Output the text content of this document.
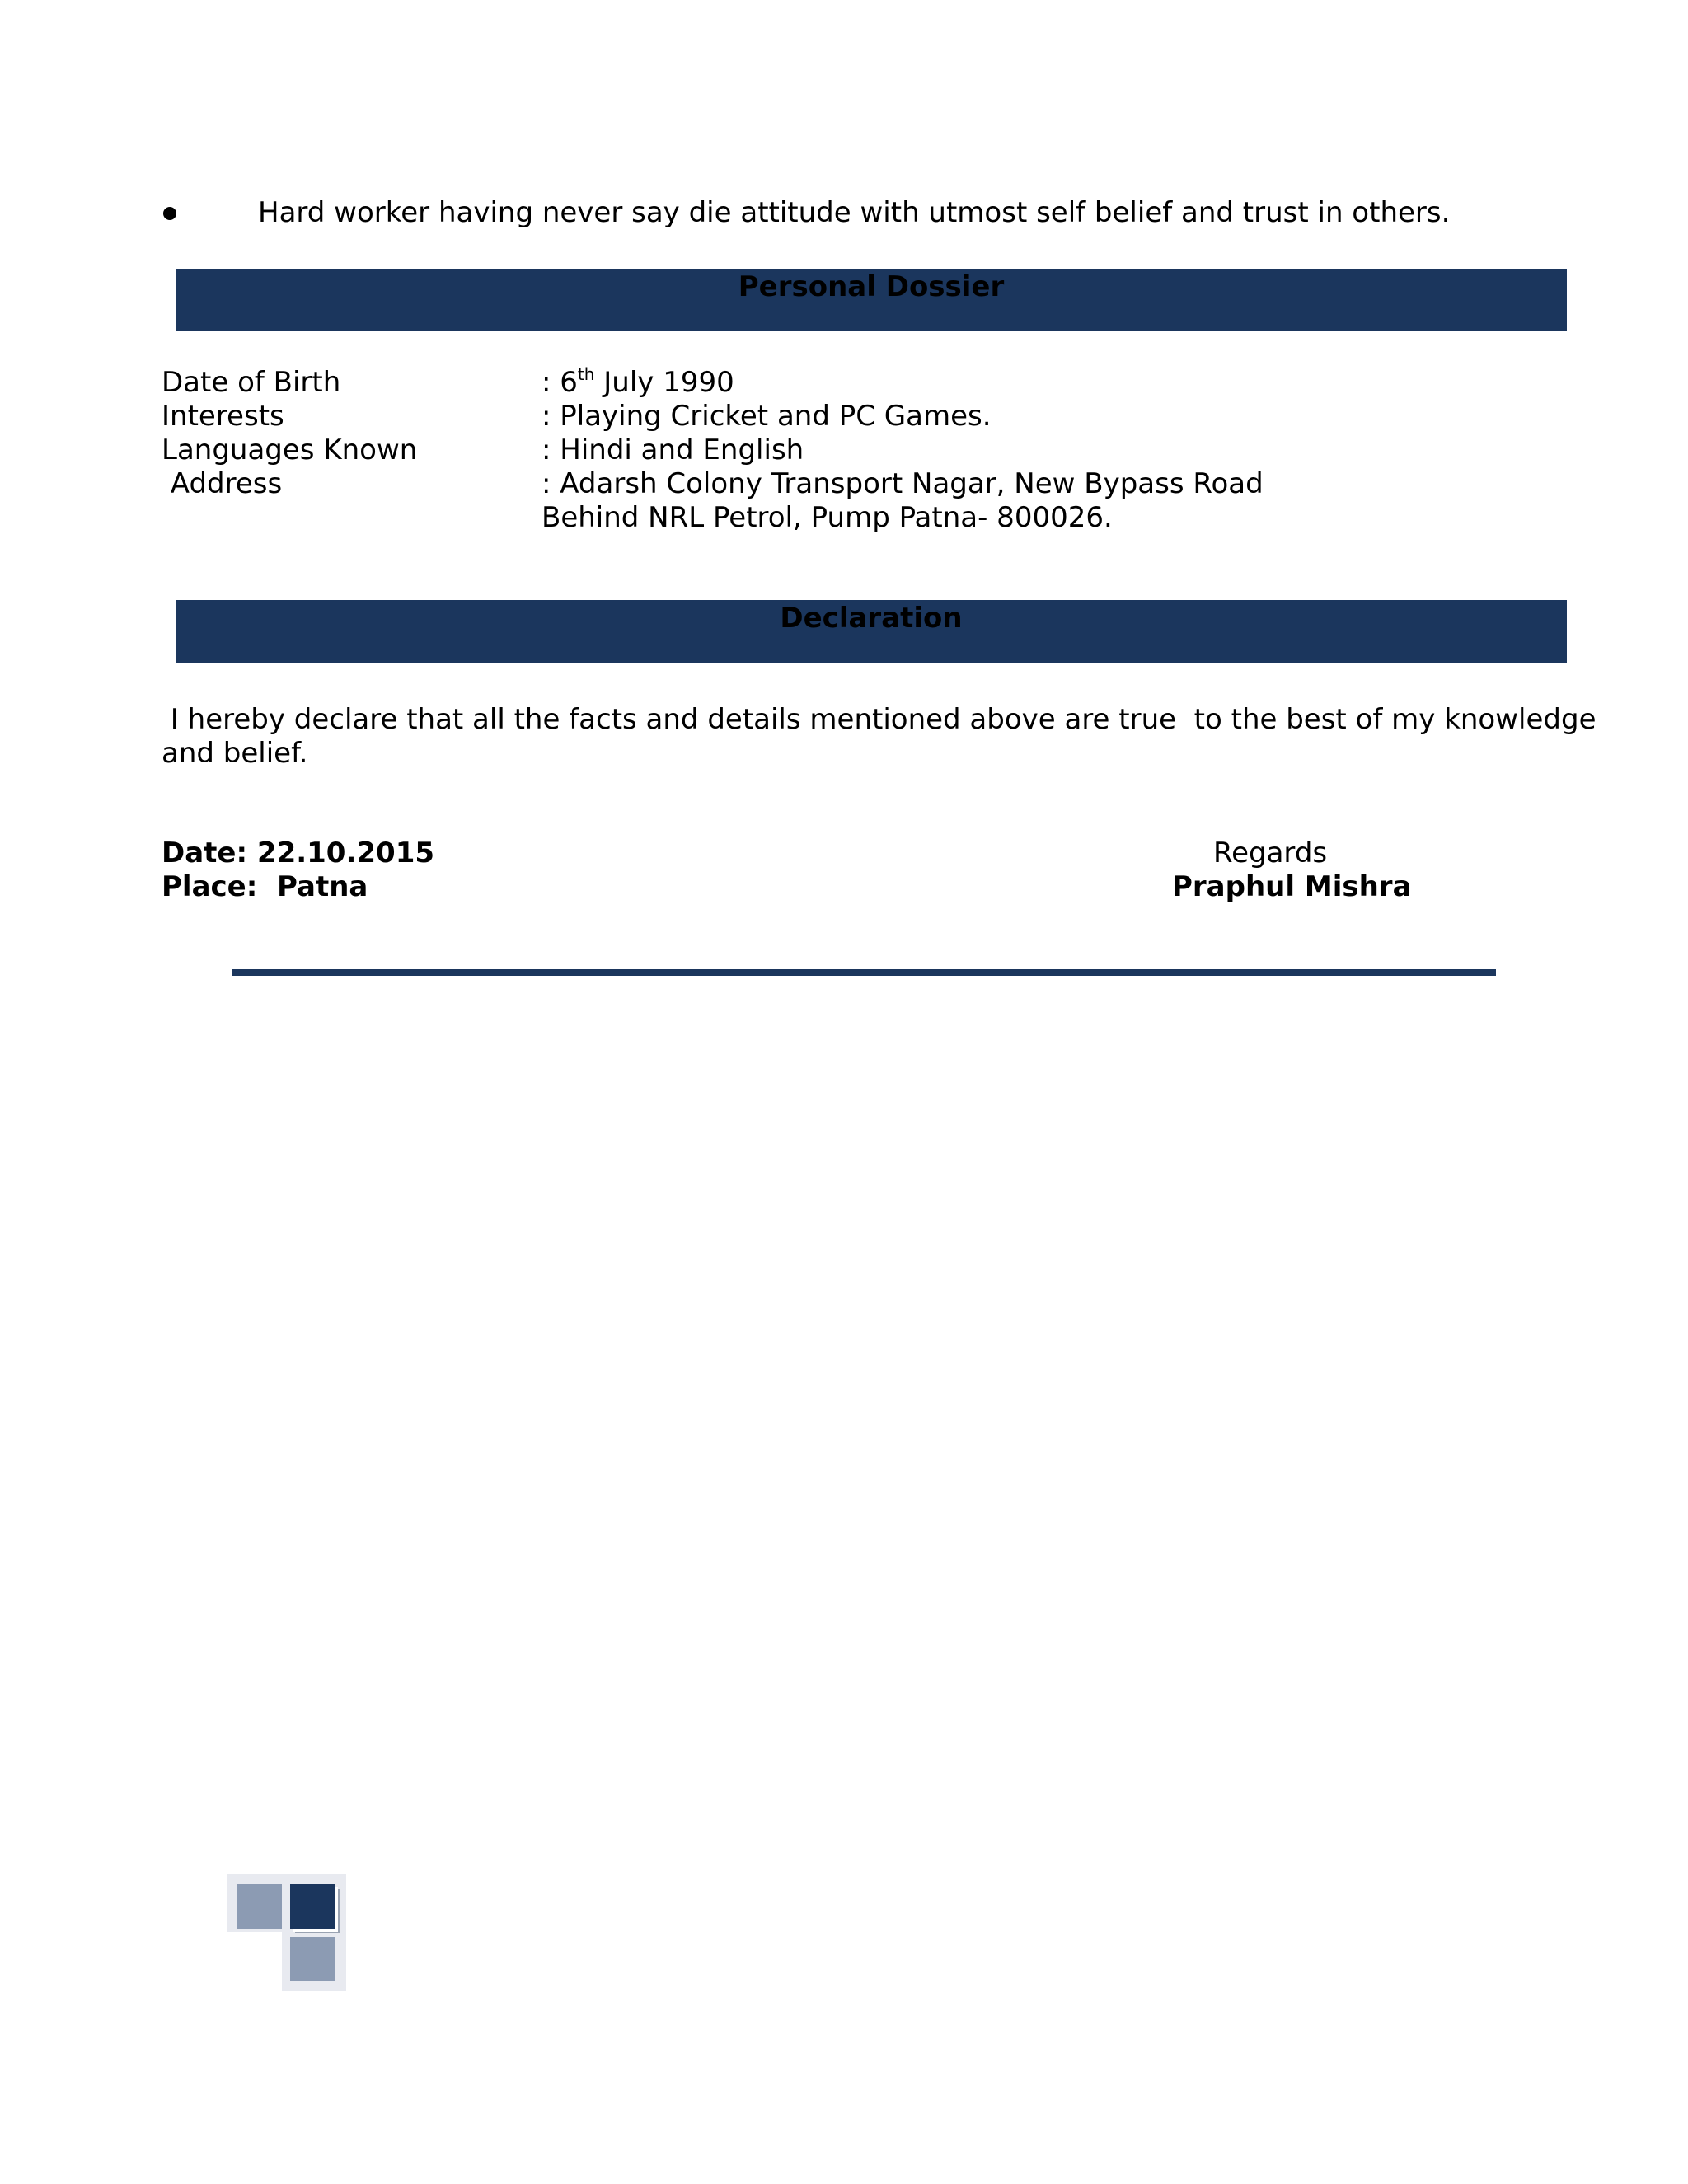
Hard worker having never say die attitude with utmost self belief and trust in others.
Personal Dossier
Date of Birth	: 6th July 1990
Interests	: Playing Cricket and PC Games.
Languages Known	: Hindi and English
Address	: Adarsh Colony Transport Nagar, New Bypass Road
Behind NRL Petrol, Pump Patna- 800026.
Declaration
I hereby declare that all the facts and details mentioned above are true  to the best of my knowledge
and belief.
Date: 22.10.2015
Place:  Patna
Regards
Praphul Mishra
